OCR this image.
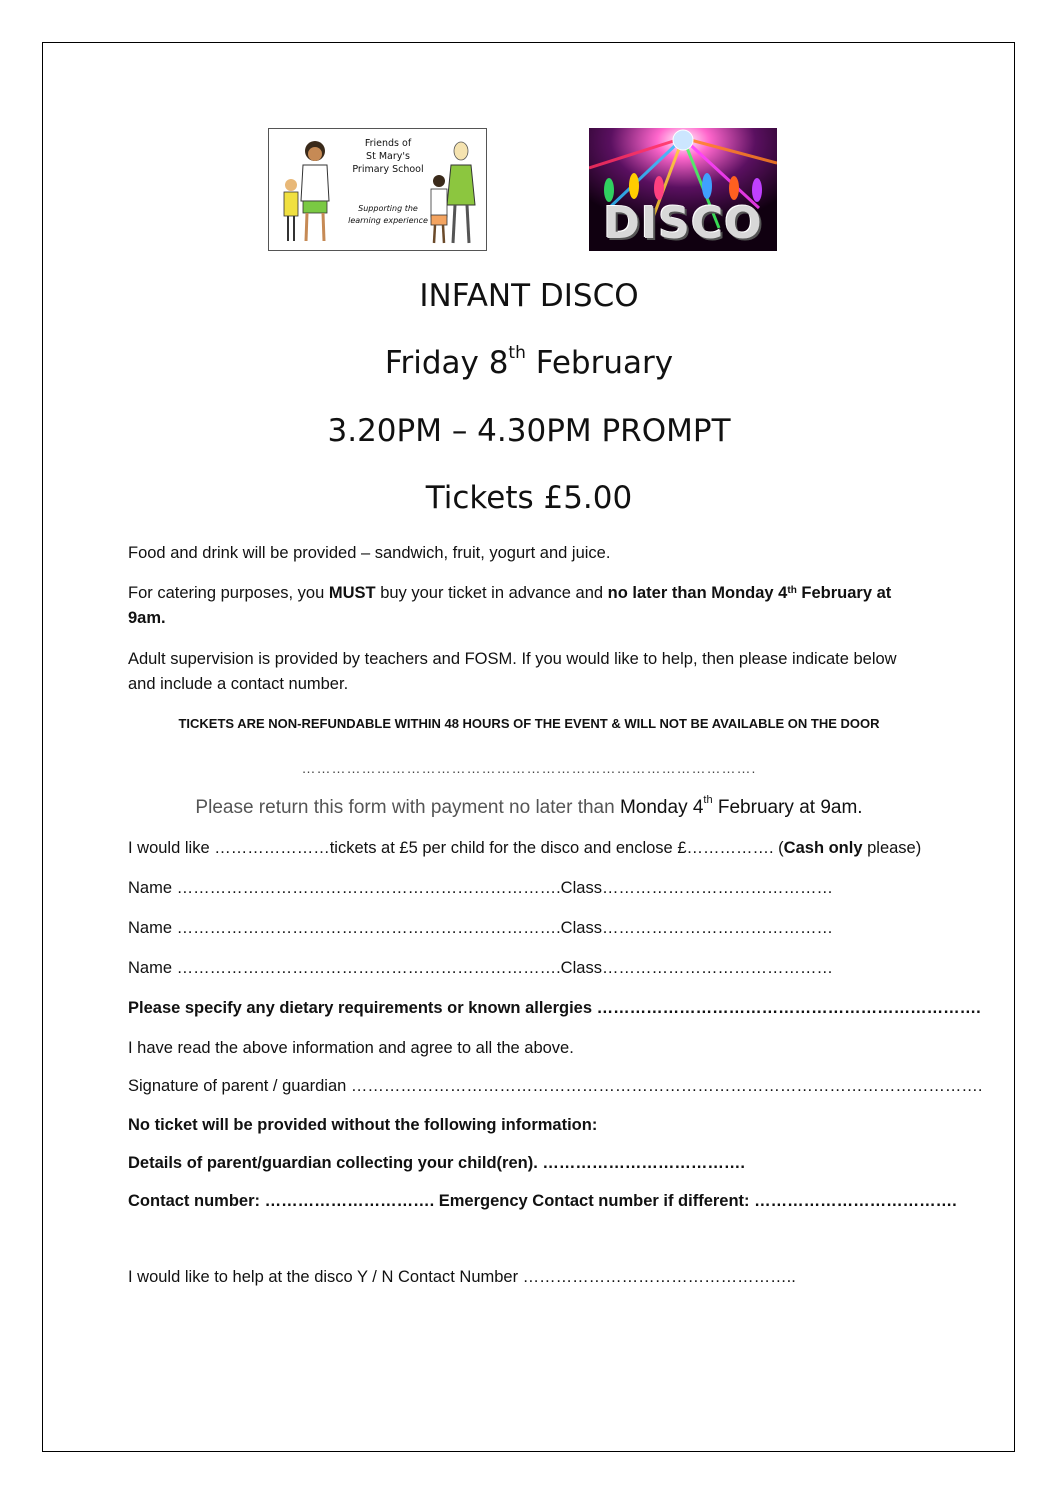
Friends of
St Mary's
Primary School
Supporting the
learning experience	DISCO
INFANT DISCO
Friday 8th February
3.20PM – 4.30PM PROMPT
Tickets £5.00
Food and drink will be provided – sandwich, fruit, yogurt and juice.
For catering purposes, you MUST buy your ticket in advance and no later than Monday 4th February at 9am.
Adult supervision is provided by teachers and FOSM. If you would like to help, then please indicate below and include a contact number.
TICKETS ARE NON-REFUNDABLE WITHIN 48 HOURS OF THE EVENT & WILL NOT BE AVAILABLE ON THE DOOR
……………………………………………………………………………….
Please return this form with payment no later than Monday 4th February at 9am.
I would like …………………tickets at £5 per child for the disco and enclose £……………. (Cash only please)
Name …………………………………………………………….Class……………………………………
Name …………………………………………………………….Class……………………………………
Name …………………………………………………………….Class……………………………………
Please specify any dietary requirements or known allergies …………………………………………………………….
I have read the above information and agree to all the above.
Signature of parent / guardian …………………………………………………………………………………………………….
No ticket will be provided without the following information:
Details of parent/guardian collecting your child(ren). ……………………………….
Contact number: …………………………. Emergency Contact number if different: ……………………………….
I would like to help at the disco Y / N Contact Number …………………………………………..
